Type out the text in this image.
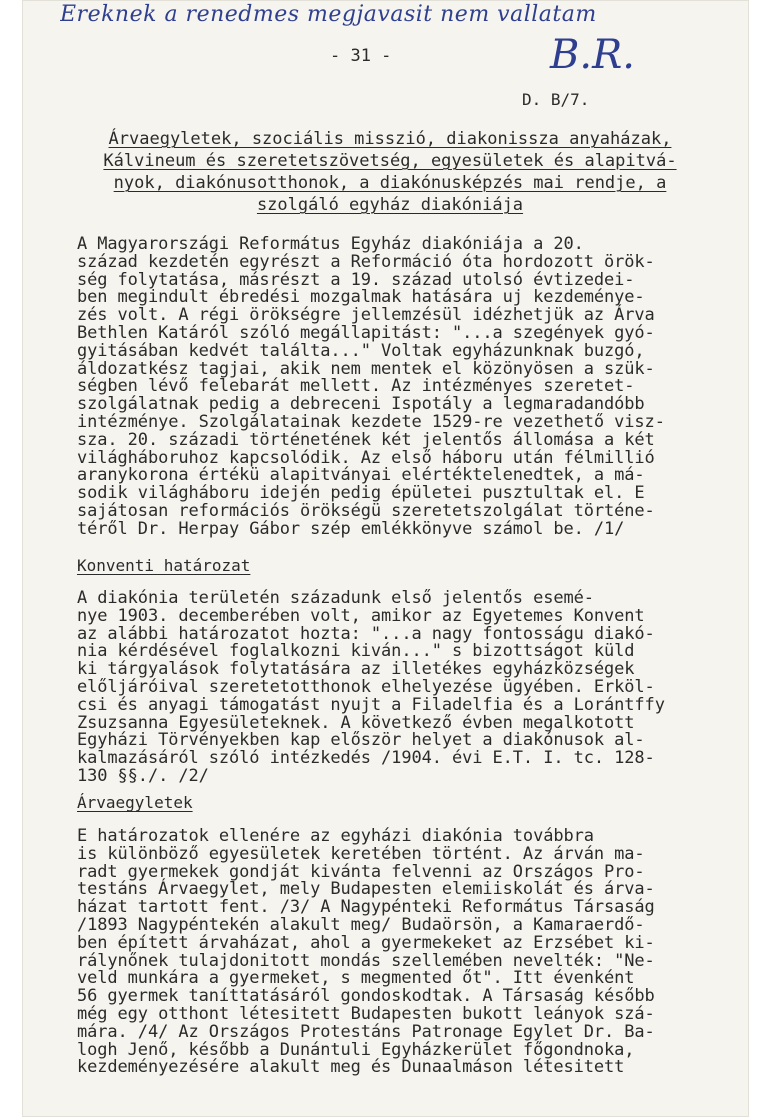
Ereknek a renedmes megjavasit nem vallatam
B.R.
- 31 -
D. B/7.
Árvaegyletek, szociális misszió, diakonissza anyaházak,
Kálvineum és szeretetszövetség, egyesületek és alapitvá-
nyok, diakónusotthonok, a diakónusképzés mai rendje, a
szolgáló egyház diakóniája
A Magyarországi Református Egyház diakóniája a 20.
század kezdetén egyrészt a Reformáció óta hordozott örök-
ség folytatása, másrészt a 19. század utolsó évtizedei-
ben megindult ébredési mozgalmak hatására uj kezdeménye-
zés volt. A régi örökségre jellemzésül idézhetjük az Árva
Bethlen Katáról szóló megállapitást: "...a szegények gyó-
gyitásában kedvét találta..." Voltak egyházunknak buzgó,
áldozatkész tagjai, akik nem mentek el közönyösen a szük-
ségben lévő felebarát mellett. Az intézményes szeretet-
szolgálatnak pedig a debreceni Ispotály a legmaradandóbb
intézménye. Szolgálatainak kezdete 1529-re vezethető visz-
sza. 20. századi történetének két jelentős állomása a két
világháboruhoz kapcsolódik. Az első háboru után félmillió
aranykorona értékü alapitványai elértéktelenedtek, a má-
sodik világháboru idején pedig épületei pusztultak el. E
sajátosan reformációs örökségü szeretetszolgálat történe-
téről Dr. Herpay Gábor szép emlékkönyve számol be. /1/
Konventi határozat
A diakónia területén századunk első jelentős esemé-
nye 1903. decemberében volt, amikor az Egyetemes Konvent
az alábbi határozatot hozta: "...a nagy fontosságu diakó-
nia kérdésével foglalkozni kiván..." s bizottságot küld
ki tárgyalások folytatására az illetékes egyházközségek
előljáróival szeretetotthonok elhelyezése ügyében. Erköl-
csi és anyagi támogatást nyujt a Filadelfia és a Lorántffy
Zsuzsanna Egyesületeknek. A következő évben megalkotott
Egyházi Törvényekben kap először helyet a diakónusok al-
kalmazásáról szóló intézkedés /1904. évi E.T. I. tc. 128-
130 §§./. /2/
Árvaegyletek
E határozatok ellenére az egyházi diakónia továbbra
is különböző egyesületek keretében történt. Az árván ma-
radt gyermekek gondját kivánta felvenni az Országos Pro-
testáns Árvaegylet, mely Budapesten elemiiskolát és árva-
házat tartott fent. /3/ A Nagypénteki Református Társaság
/1893 Nagypéntekén alakult meg/ Budaörsön, a Kamaraerdő-
ben épített árvaházat, ahol a gyermekeket az Erzsébet ki-
rálynőnek tulajdonitott mondás szellemében nevelték: "Ne-
veld munkára a gyermeket, s megmented őt". Itt évenként
56 gyermek taníttatásáról gondoskodtak. A Társaság később
még egy otthont létesitett Budapesten bukott leányok szá-
mára. /4/ Az Országos Protestáns Patronage Egylet Dr. Ba-
logh Jenő, később a Dunántuli Egyházkerület főgondnoka,
kezdeményezésére alakult meg és Dunaalmáson létesitett
